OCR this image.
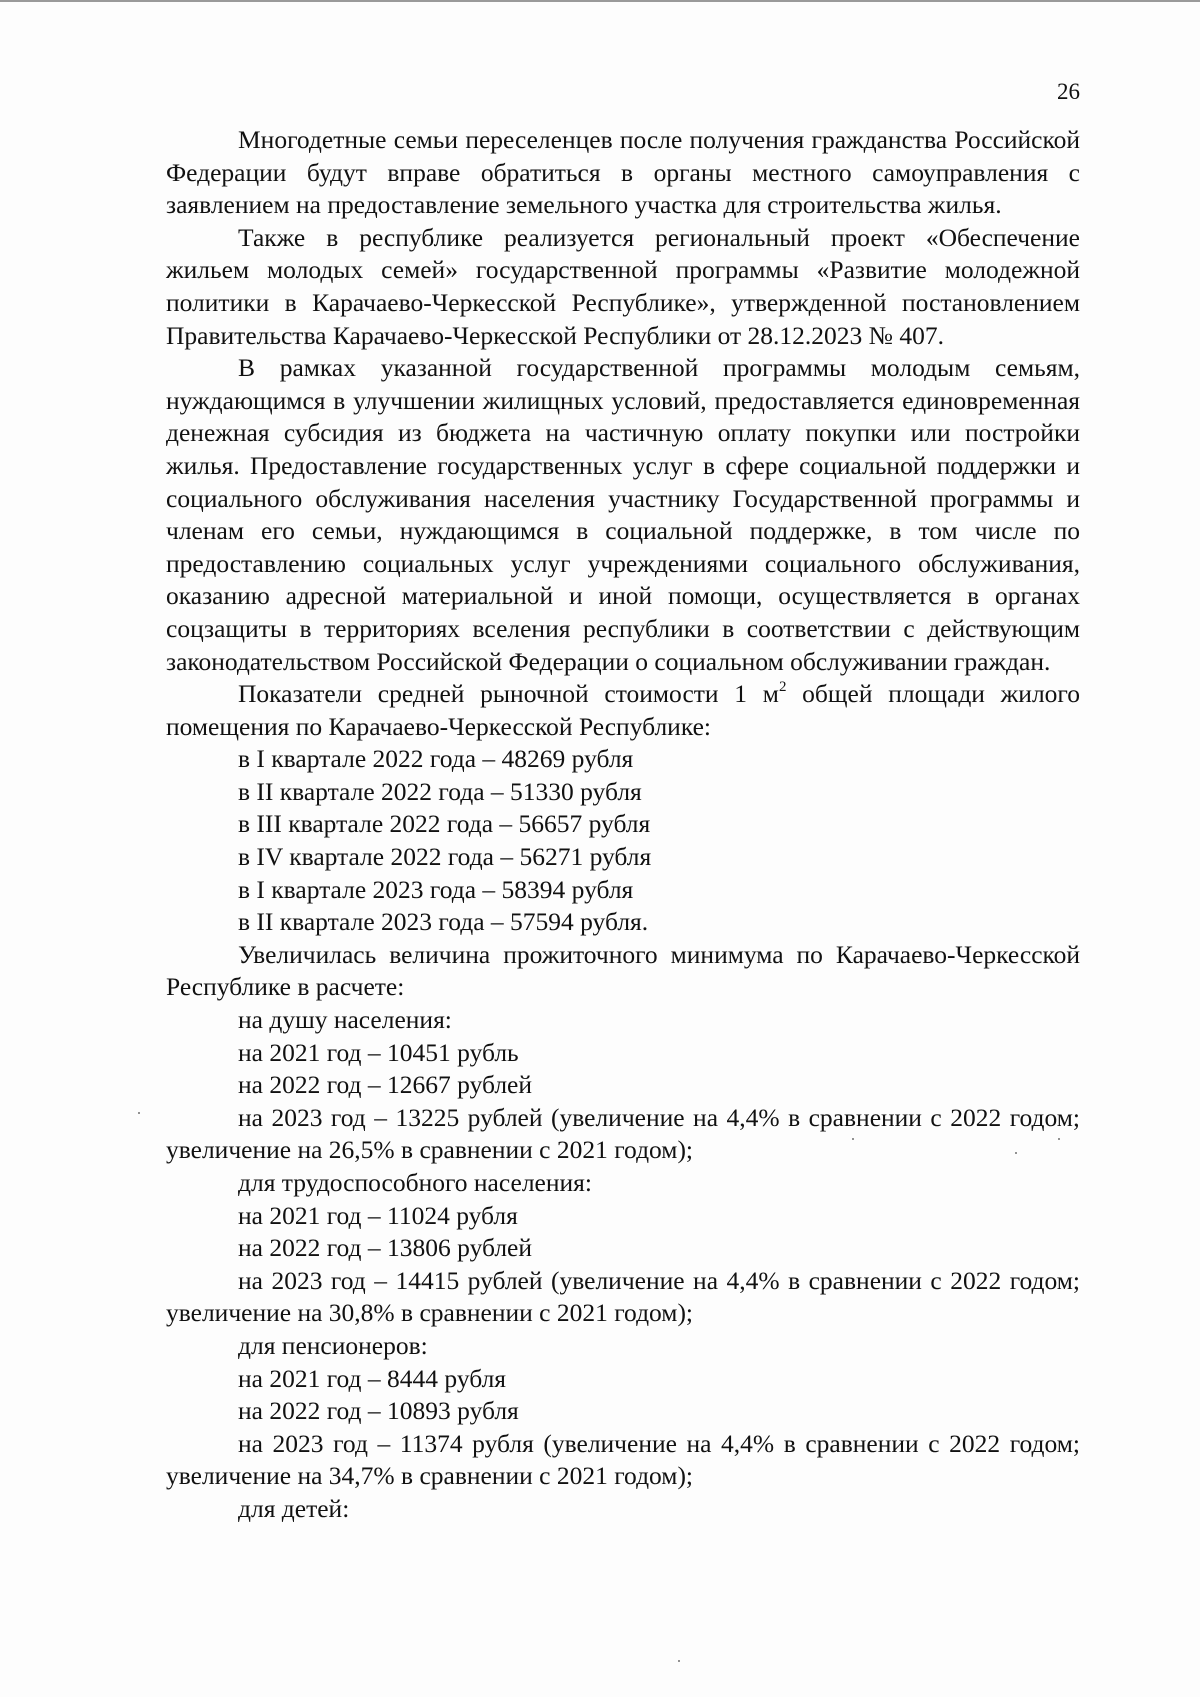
26

Многодетные семьи переселенцев после получения гражданства Российской Федерации будут вправе обратиться в органы местного самоуправления с заявлением на предоставление земельного участка для строительства жилья.

Также в республике реализуется региональный проект «Обеспечение жильем молодых семей» государственной программы «Развитие молодежной политики в Карачаево-Черкесской Республике», утвержденной постановлением Правительства Карачаево-Черкесской Республики от 28.12.2023 № 407.

В рамках указанной государственной программы молодым семьям, нуждающимся в улучшении жилищных условий, предоставляется единовременная денежная субсидия из бюджета на частичную оплату покупки или постройки жилья. Предоставление государственных услуг в сфере социальной поддержки и социального обслуживания населения участнику Государственной программы и членам его семьи, нуждающимся в социальной поддержке, в том числе по предоставлению социальных услуг учреждениями социального обслуживания, оказанию адресной материальной и иной помощи, осуществляется в органах соцзащиты в территориях вселения республики в соответствии с действующим законодательством Российской Федерации о социальном обслуживании граждан.

Показатели средней рыночной стоимости 1 $м^2$ общей площади жилого помещения по Карачаево-Черкесской Республике:

в I квартале 2022 года – 48269 рубля

в II квартале 2022 года – 51330 рубля

в III квартале 2022 года – 56657 рубля

в IV квартале 2022 года – 56271 рубля

в I квартале 2023 года – 58394 рубля

в II квартале 2023 года – 57594 рубля.

Увеличилась величина прожиточного минимума по Карачаево-Черкесской Республике в расчете:

на душу населения:

на 2021 год – 10451 рубль

на 2022 год – 12667 рублей

на 2023 год – 13225 рублей (увеличение на 4,4% в сравнении с 2022 годом; увеличение на 26,5% в сравнении с 2021 годом);

для трудоспособного населения:

на 2021 год – 11024 рубля

на 2022 год – 13806 рублей

на 2023 год – 14415 рублей (увеличение на 4,4% в сравнении с 2022 годом; увеличение на 30,8% в сравнении с 2021 годом);

для пенсионеров:

на 2021 год – 8444 рубля

на 2022 год – 10893 рубля

на 2023 год – 11374 рубля (увеличение на 4,4% в сравнении с 2022 годом; увеличение на 34,7% в сравнении с 2021 годом);

для детей:
